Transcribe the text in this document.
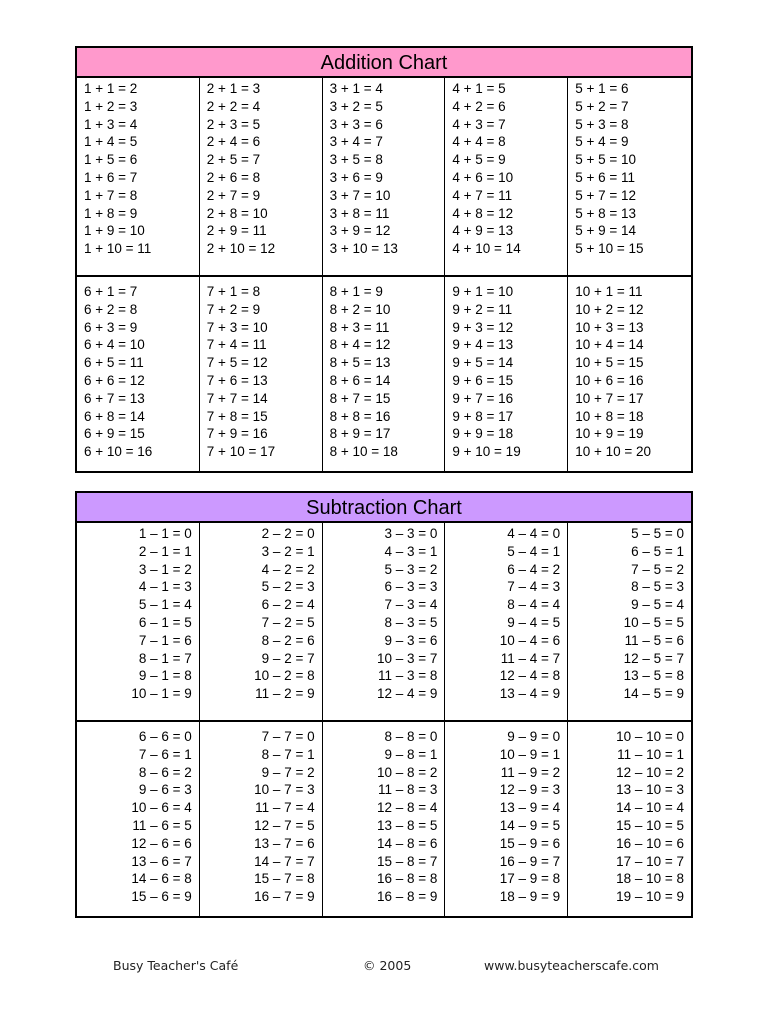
Addition Chart
1 + 1 = 2
1 + 2 = 3
1 + 3 = 4
1 + 4 = 5
1 + 5 = 6
1 + 6 = 7
1 + 7 = 8
1 + 8 = 9
1 + 9 = 10
1 + 10 = 11
2 + 1 = 3
2 + 2 = 4
2 + 3 = 5
2 + 4 = 6
2 + 5 = 7
2 + 6 = 8
2 + 7 = 9
2 + 8 = 10
2 + 9 = 11
2 + 10 = 12
3 + 1 = 4
3 + 2 = 5
3 + 3 = 6
3 + 4 = 7
3 + 5 = 8
3 + 6 = 9
3 + 7 = 10
3 + 8 = 11
3 + 9 = 12
3 + 10 = 13
4 + 1 = 5
4 + 2 = 6
4 + 3 = 7
4 + 4 = 8
4 + 5 = 9
4 + 6 = 10
4 + 7 = 11
4 + 8 = 12
4 + 9 = 13
4 + 10 = 14
5 + 1 = 6
5 + 2 = 7
5 + 3 = 8
5 + 4 = 9
5 + 5 = 10
5 + 6 = 11
5 + 7 = 12
5 + 8 = 13
5 + 9 = 14
5 + 10 = 15
6 + 1 = 7
6 + 2 = 8
6 + 3 = 9
6 + 4 = 10
6 + 5 = 11
6 + 6 = 12
6 + 7 = 13
6 + 8 = 14
6 + 9 = 15
6 + 10 = 16
7 + 1 = 8
7 + 2 = 9
7 + 3 = 10
7 + 4 = 11
7 + 5 = 12
7 + 6 = 13
7 + 7 = 14
7 + 8 = 15
7 + 9 = 16
7 + 10 = 17
8 + 1 = 9
8 + 2 = 10
8 + 3 = 11
8 + 4 = 12
8 + 5 = 13
8 + 6 = 14
8 + 7 = 15
8 + 8 = 16
8 + 9 = 17
8 + 10 = 18
9 + 1 = 10
9 + 2 = 11
9 + 3 = 12
9 + 4 = 13
9 + 5 = 14
9 + 6 = 15
9 + 7 = 16
9 + 8 = 17
9 + 9 = 18
9 + 10 = 19
10 + 1 = 11
10 + 2 = 12
10 + 3 = 13
10 + 4 = 14
10 + 5 = 15
10 + 6 = 16
10 + 7 = 17
10 + 8 = 18
10 + 9 = 19
10 + 10 = 20
Subtraction Chart
1 – 1 = 0
2 – 1 = 1
3 – 1 = 2
4 – 1 = 3
5 – 1 = 4
6 – 1 = 5
7 – 1 = 6
8 – 1 = 7
9 – 1 = 8
10 – 1 = 9
2 – 2 = 0
3 – 2 = 1
4 – 2 = 2
5 – 2 = 3
6 – 2 = 4
7 – 2 = 5
8 – 2 = 6
9 – 2 = 7
10 – 2 = 8
11 – 2 = 9
3 – 3 = 0
4 – 3 = 1
5 – 3 = 2
6 – 3 = 3
7 – 3 = 4
8 – 3 = 5
9 – 3 = 6
10 – 3 = 7
11 – 3 = 8
12 – 4 = 9
4 – 4 = 0
5 – 4 = 1
6 – 4 = 2
7 – 4 = 3
8 – 4 = 4
9 – 4 = 5
10 – 4 = 6
11 – 4 = 7
12 – 4 = 8
13 – 4 = 9
5 – 5 = 0
6 – 5 = 1
7 – 5 = 2
8 – 5 = 3
9 – 5 = 4
10 – 5 = 5
11 – 5 = 6
12 – 5 = 7
13 – 5 = 8
14 – 5 = 9
6 – 6 = 0
7 – 6 = 1
8 – 6 = 2
9 – 6 = 3
10 – 6 = 4
11 – 6 = 5
12 – 6 = 6
13 – 6 = 7
14 – 6 = 8
15 – 6 = 9
7 – 7 = 0
8 – 7 = 1
9 – 7 = 2
10 – 7 = 3
11 – 7 = 4
12 – 7 = 5
13 – 7 = 6
14 – 7 = 7
15 – 7 = 8
16 – 7 = 9
8 – 8 = 0
9 – 8 = 1
10 – 8 = 2
11 – 8 = 3
12 – 8 = 4
13 – 8 = 5
14 – 8 = 6
15 – 8 = 7
16 – 8 = 8
16 – 8 = 9
9 – 9 = 0
10 – 9 = 1
11 – 9 = 2
12 – 9 = 3
13 – 9 = 4
14 – 9 = 5
15 – 9 = 6
16 – 9 = 7
17 – 9 = 8
18 – 9 = 9
10 – 10 = 0
11 – 10 = 1
12 – 10 = 2
13 – 10 = 3
14 – 10 = 4
15 – 10 = 5
16 – 10 = 6
17 – 10 = 7
18 – 10 = 8
19 – 10 = 9
Busy Teacher's Café	© 2005	www.busyteacherscafe.com
